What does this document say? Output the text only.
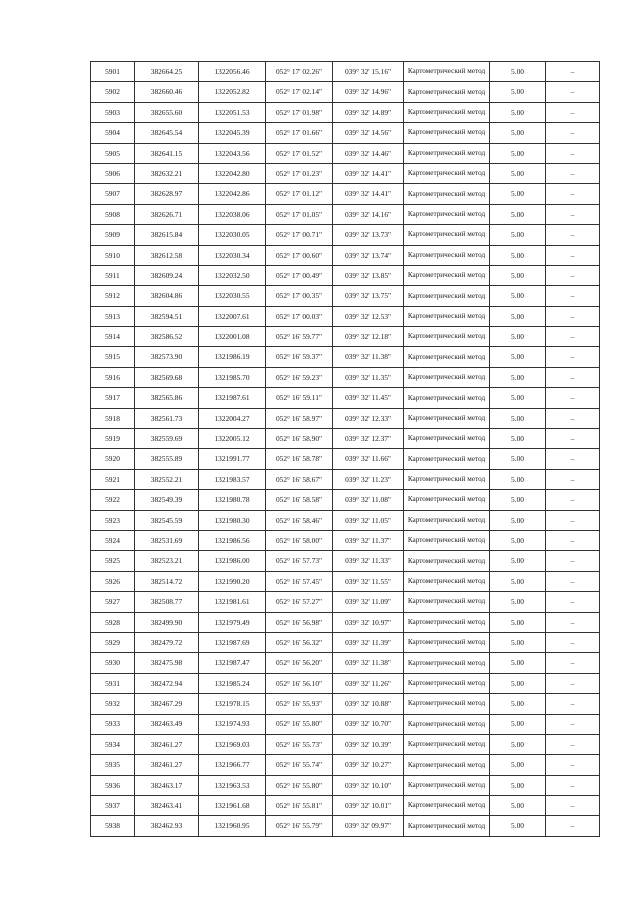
5901	382664.25	1322056.46	052° 17' 02.26"	039° 32' 15.16"	Картометрический метод	5.00	–
5902	382660.46	1322052.82	052° 17' 02.14"	039° 32' 14.96"	Картометрический метод	5.00	–
5903	382655.60	1322051.53	052° 17' 01.98"	039° 32' 14.89"	Картометрический метод	5.00	–
5904	382645.54	1322045.39	052° 17' 01.66"	039° 32' 14.56"	Картометрический метод	5.00	–
5905	382641.15	1322043.56	052° 17' 01.52"	039° 32' 14.46"	Картометрический метод	5.00	–
5906	382632.21	1322042.80	052° 17' 01.23"	039° 32' 14.41"	Картометрический метод	5.00	–
5907	382628.97	1322042.86	052° 17' 01.12"	039° 32' 14.41"	Картометрический метод	5.00	–
5908	382626.71	1322038.06	052° 17' 01.05"	039° 32' 14.16"	Картометрический метод	5.00	–
5909	382615.84	1322030.05	052° 17' 00.71"	039° 32' 13.73"	Картометрический метод	5.00	–
5910	382612.58	1322030.34	052° 17' 00.60"	039° 32' 13.74"	Картометрический метод	5.00	–
5911	382609.24	1322032.50	052° 17' 00.49"	039° 32' 13.85"	Картометрический метод	5.00	–
5912	382604.86	1322030.55	052° 17' 00.35"	039° 32' 13.75"	Картометрический метод	5.00	–
5913	382594.51	1322007.61	052° 17' 00.03"	039° 32' 12.53"	Картометрический метод	5.00	–
5914	382586.52	1322001.08	052° 16' 59.77"	039° 32' 12.18"	Картометрический метод	5.00	–
5915	382573.90	1321986.19	052° 16' 59.37"	039° 32' 11.38"	Картометрический метод	5.00	–
5916	382569.68	1321985.70	052° 16' 59.23"	039° 32' 11.35"	Картометрический метод	5.00	–
5917	382565.86	1321987.61	052° 16' 59.11"	039° 32' 11.45"	Картометрический метод	5.00	–
5918	382561.73	1322004.27	052° 16' 58.97"	039° 32' 12.33"	Картометрический метод	5.00	–
5919	382559.69	1322005.12	052° 16' 58.90"	039° 32' 12.37"	Картометрический метод	5.00	–
5920	382555.89	1321991.77	052° 16' 58.78"	039° 32' 11.66"	Картометрический метод	5.00	–
5921	382552.21	1321983.57	052° 16' 58.67"	039° 32' 11.23"	Картометрический метод	5.00	–
5922	382549.39	1321980.78	052° 16' 58.58"	039° 32' 11.08"	Картометрический метод	5.00	–
5923	382545.59	1321980.30	052° 16' 58.46"	039° 32' 11.05"	Картометрический метод	5.00	–
5924	382531.69	1321986.56	052° 16' 58.00"	039° 32' 11.37"	Картометрический метод	5.00	–
5925	382523.21	1321986.00	052° 16' 57.73"	039° 32' 11.33"	Картометрический метод	5.00	–
5926	382514.72	1321990.20	052° 16' 57.45"	039° 32' 11.55"	Картометрический метод	5.00	–
5927	382508.77	1321981.61	052° 16' 57.27"	039° 32' 11.09"	Картометрический метод	5.00	–
5928	382499.90	1321979.49	052° 16' 56.98"	039° 32' 10.97"	Картометрический метод	5.00	–
5929	382479.72	1321987.69	052° 16' 56.32"	039° 32' 11.39"	Картометрический метод	5.00	–
5930	382475.98	1321987.47	052° 16' 56.20"	039° 32' 11.38"	Картометрический метод	5.00	–
5931	382472.94	1321985.24	052° 16' 56.10"	039° 32' 11.26"	Картометрический метод	5.00	–
5932	382467.29	1321978.15	052° 16' 55.93"	039° 32' 10.88"	Картометрический метод	5.00	–
5933	382463.49	1321974.93	052° 16' 55.80"	039° 32' 10.70"	Картометрический метод	5.00	–
5934	382461.27	1321969.03	052° 16' 55.73"	039° 32' 10.39"	Картометрический метод	5.00	–
5935	382461.27	1321966.77	052° 16' 55.74"	039° 32' 10.27"	Картометрический метод	5.00	–
5936	382463.17	1321963.53	052° 16' 55.80"	039° 32' 10.10"	Картометрический метод	5.00	–
5937	382463.41	1321961.68	052° 16' 55.81"	039° 32' 10.01"	Картометрический метод	5.00	–
5938	382462.93	1321960.95	052° 16' 55.79"	039° 32' 09.97"	Картометрический метод	5.00	–
